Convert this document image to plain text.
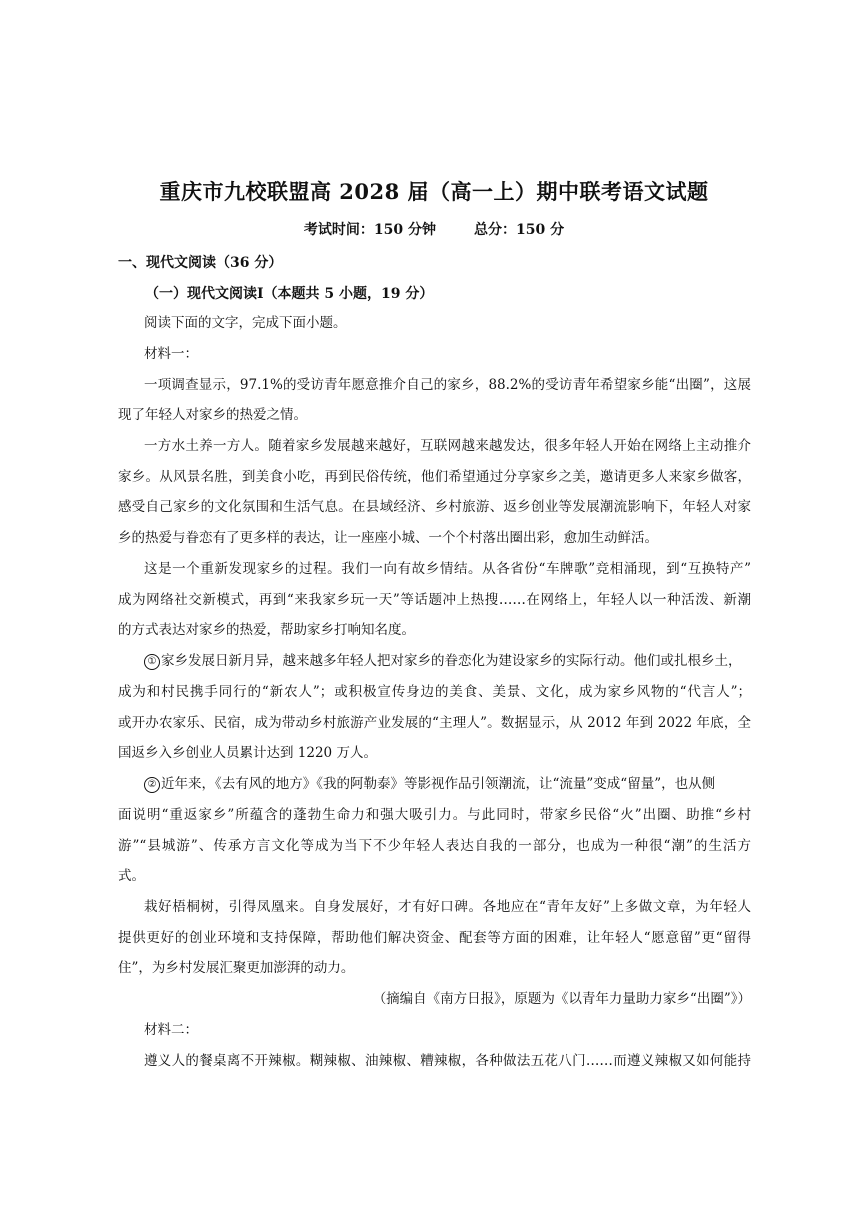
重庆市九校联盟高 2028 届（高一上）期中联考语文试题
考试时间：150 分钟	总分：150 分
一、现代文阅读（36 分）
（一）现代文阅读Ⅰ（本题共 5 小题，19 分）
阅读下面的文字，完成下面小题。
材料一：
一项调查显示，97.1%的受访青年愿意推介自己的家乡，88.2%的受访青年希望家乡能“出圈”，这展
现了年轻人对家乡的热爱之情。
一方水土养一方人。随着家乡发展越来越好，互联网越来越发达，很多年轻人开始在网络上主动推介
家乡。从风景名胜，到美食小吃，再到民俗传统，他们希望通过分享家乡之美，邀请更多人来家乡做客，
感受自己家乡的文化氛围和生活气息。在县域经济、乡村旅游、返乡创业等发展潮流影响下，年轻人对家
乡的热爱与眷恋有了更多样的表达，让一座座小城、一个个村落出圈出彩，愈加生动鲜活。
这是一个重新发现家乡的过程。我们一向有故乡情结。从各省份“车牌歌”竞相涌现，到“互换特产”
成为网络社交新模式，再到“来我家乡玩一天”等话题冲上热搜……在网络上，年轻人以一种活泼、新潮
的方式表达对家乡的热爱，帮助家乡打响知名度。
① 家乡发展日新月异，越来越多年轻人把对家乡的眷恋化为建设家乡的实际行动。他们或扎根乡土，
成为和村民携手同行的“新农人”；或积极宣传身边的美食、美景、文化，成为家乡风物的“代言人”；
或开办农家乐、民宿，成为带动乡村旅游产业发展的“主理人”。数据显示，从 2012 年到 2022 年底，全
国返乡入乡创业人员累计达到 1220 万人。
② 近年来，《去有风的地方》《我的阿勒泰》等影视作品引领潮流，让“流量”变成“留量”，也从侧
面说明“重返家乡”所蕴含的蓬勃生命力和强大吸引力。与此同时，带家乡民俗“火”出圈、助推“乡村
游”“县城游”、传承方言文化等成为当下不少年轻人表达自我的一部分，也成为一种很“潮”的生活方
式。
栽好梧桐树，引得凤凰来。自身发展好，才有好口碑。各地应在“青年友好”上多做文章，为年轻人
提供更好的创业环境和支持保障，帮助他们解决资金、配套等方面的困难，让年轻人“愿意留”更“留得
住”，为乡村发展汇聚更加澎湃的动力。
（摘编自《南方日报》，原题为《以青年力量助力家乡“出圈”》）
材料二：
遵义人的餐桌离不开辣椒。糊辣椒、油辣椒、糟辣椒，各种做法五花八门……而遵义辣椒又如何能持
